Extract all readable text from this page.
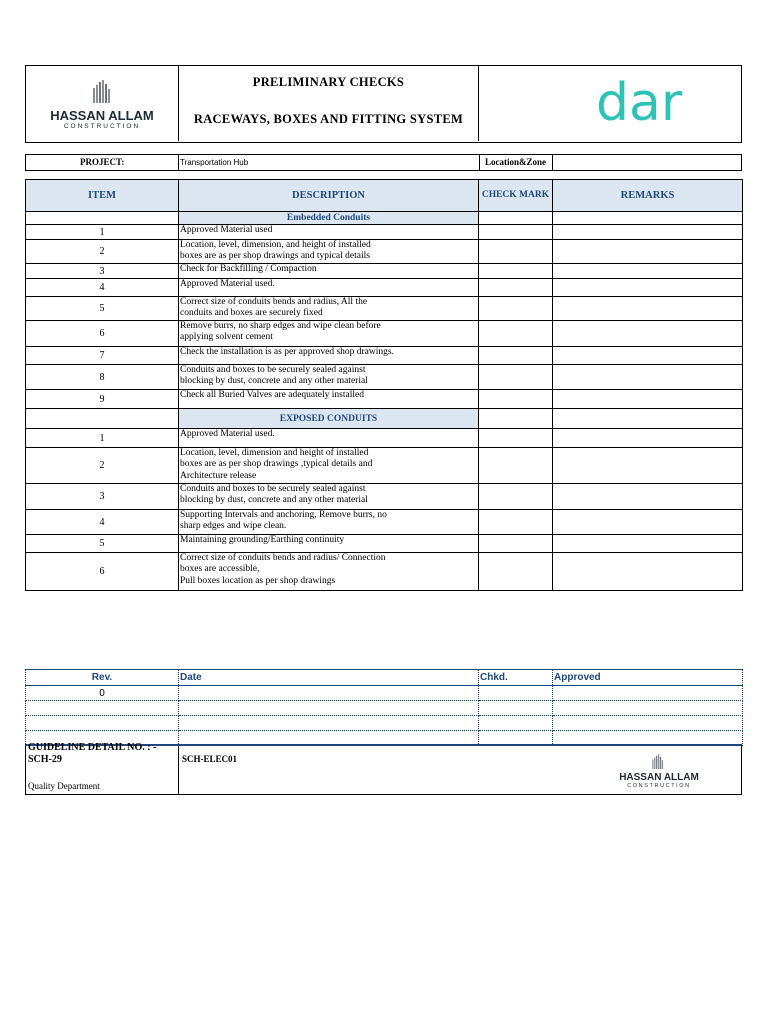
HASSAN ALLAM
CONSTRUCTION
PRELIMINARY CHECKS
RACEWAYS, BOXES AND FITTING SYSTEM	dar
PROJECT:	Transportation Hub	Location&Zone
ITEM	DESCRIPTION	CHECK MARK	REMARKS
	Embedded Conduits		
1	Approved Material used		

2	Location, level, dimension, and height of installed
boxes are as per shop drawings and typical details		

3	Check for Backfilling / Compaction		

4	Approved Material used.		

5	Correct size of conduits bends and radius, All the
conduits and boxes are securely fixed		

6	Remove burrs, no sharp edges and wipe clean before
applying solvent cement		

7	Check the installation is as per approved shop drawings.		

8	Conduits and boxes to be securely sealed against
blocking by dust, concrete and any other material		

9	Check all Buried Valves are adequately installed		

	EXPOSED CONDUITS		
1	Approved Material used.		

2	Location, level, dimension and height of installed
boxes are as per shop drawings ,typical details and
Architecture release		

3	Conduits and boxes to be securely sealed against
blocking by dust, concrete and any other material		

4	Supporting Intervals and anchoring, Remove burrs, no
sharp edges and wipe clean.		

5	Maintaining grounding/Earthing continuity		

6	Correct size of conduits bends and radius/ Connection
boxes are accessible,
Pull boxes location as per shop drawings		

Rev.	Date	Chkd.	Approved
0			

GUIDELINE DETAIL NO. : -
SCH-29
Quality Department
SCH-ELEC01
HASSAN ALLAM
CONSTRUCTION
